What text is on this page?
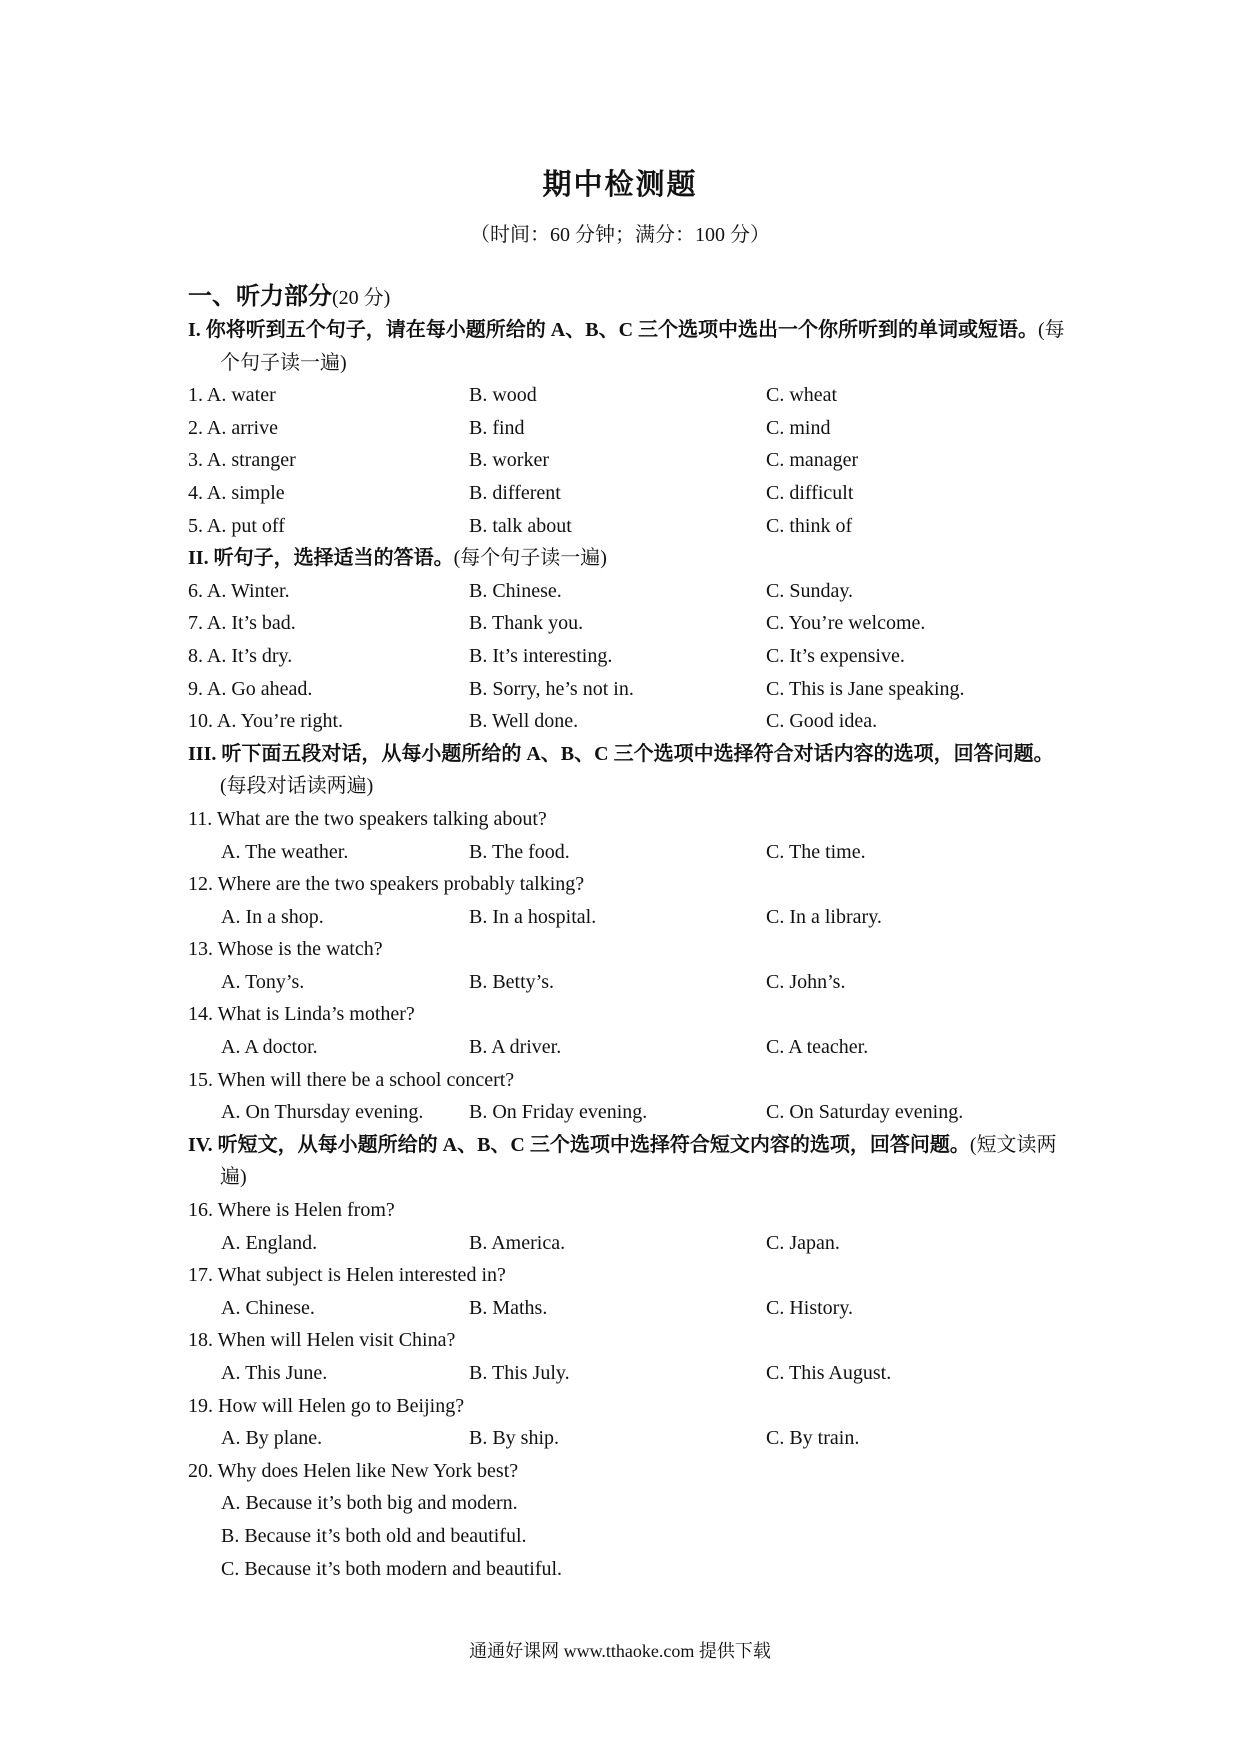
期中检测题
（时间：60 分钟；满分：100 分）
一、听力部分(20 分)
I. 你将听到五个句子，请在每小题所给的 A、B、C 三个选项中选出一个你所听到的单词或短语。(每个句子读一遍)
1. A. water	B. wood	C. wheat
2. A. arrive	B. find	C. mind
3. A. stranger	B. worker	C. manager
4. A. simple	B. different	C. difficult
5. A. put off	B. talk about	C. think of
II. 听句子，选择适当的答语。(每个句子读一遍)
6. A. Winter.	B. Chinese.	C. Sunday.
7. A. It’s bad.	B. Thank you.	C. You’re welcome.
8. A. It’s dry.	B. It’s interesting.	C. It’s expensive.
9. A. Go ahead.	B. Sorry, he’s not in.	C. This is Jane speaking.
10. A. You’re right.	B. Well done.	C. Good idea.
III. 听下面五段对话，从每小题所给的 A、B、C 三个选项中选择符合对话内容的选项，回答问题。(每段对话读两遍)
11. What are the two speakers talking about?
A. The weather.	B. The food.	C. The time.
12. Where are the two speakers probably talking?
A. In a shop.	B. In a hospital.	C. In a library.
13. Whose is the watch?
A. Tony’s.	B. Betty’s.	C. John’s.
14. What is Linda’s mother?
A. A doctor.	B. A driver.	C. A teacher.
15. When will there be a school concert?
A. On Thursday evening. B. On Friday evening.	C. On Saturday evening.
IV. 听短文，从每小题所给的 A、B、C 三个选项中选择符合短文内容的选项，回答问题。(短文读两遍)
16. Where is Helen from?
A. England.	B. America.	C. Japan.
17. What subject is Helen interested in?
A. Chinese.	B. Maths.	C. History.
18. When will Helen visit China?
A. This June.	B. This July.	C. This August.
19. How will Helen go to Beijing?
A. By plane.	B. By ship.	C. By train.
20. Why does Helen like New York best?
A. Because it’s both big and modern.
B. Because it’s both old and beautiful.
C. Because it’s both modern and beautiful.
通通好课网 www.tthaoke.com 提供下载
